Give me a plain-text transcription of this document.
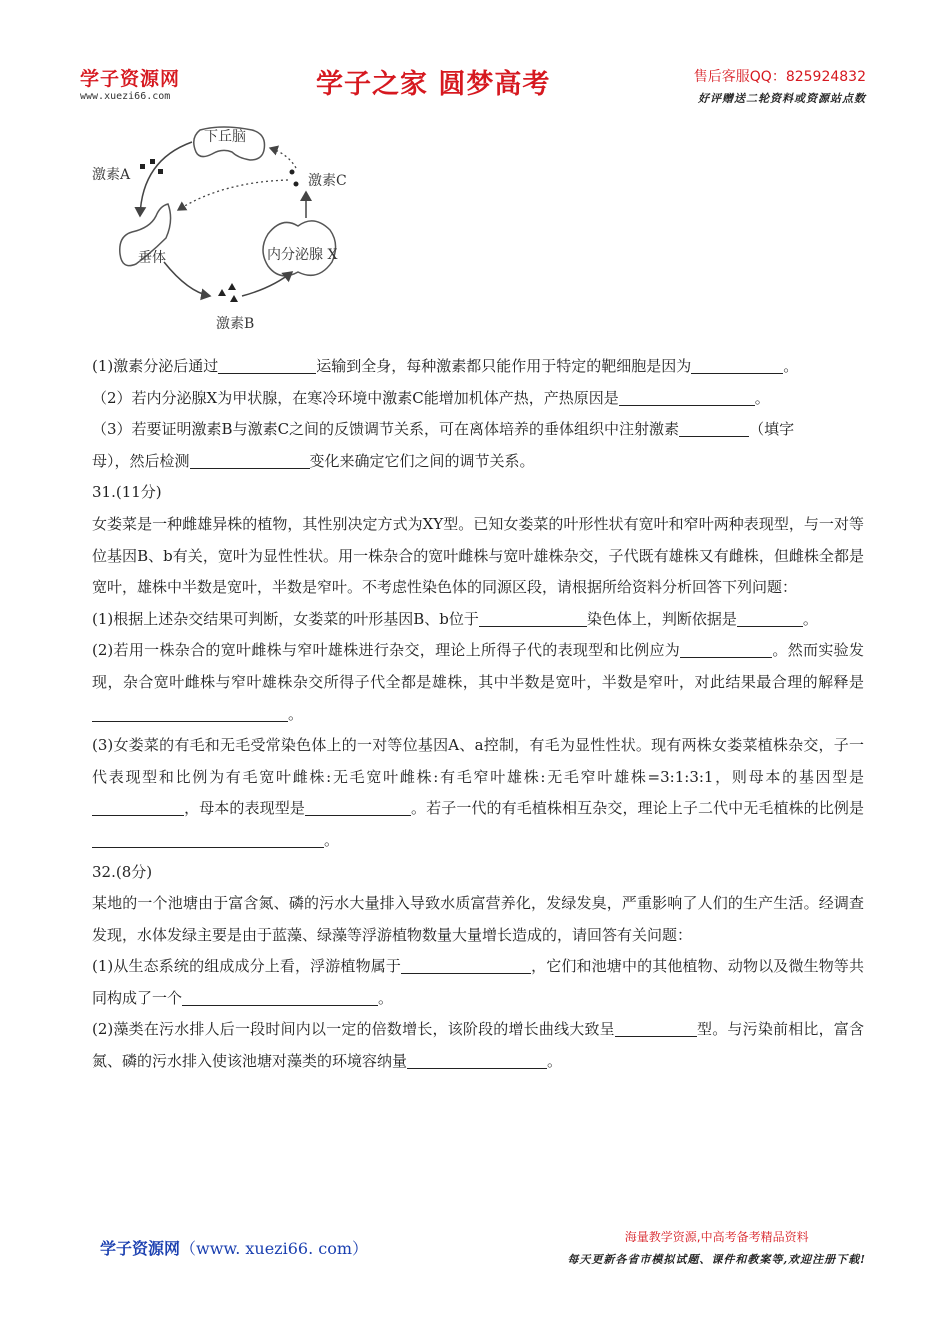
学子资源网
www.xuezi66.com	学子之家 圆梦高考	售后客服QQ：825924832
好评赠送二轮资料或资源站点数
下丘脑
激素A	激素C
垂体	内分泌腺 X
激素B

(1)激素分泌后通过	运输到全身，每种激素都只能作用于特定的靶细胞是因为	。

（2）若内分泌腺X为甲状腺，在寒冷环境中激素C能增加机体产热，产热原因是	。

（3）若要证明激素B与激素C之间的反馈调节关系，可在离体培养的垂体组织中注射激素	（填字
母），然后检测	变化来确定它们之间的调节关系。

31.(11分)

女娄菜是一种雌雄异株的植物，其性别决定方式为XY型。已知女娄菜的叶形性状有宽叶和窄叶两种表现型，与一对等位基因B、b有关，宽叶为显性性状。用一株杂合的宽叶雌株与宽叶雄株杂交，子代既有雄株又有雌株，但雌株全都是宽叶，雄株中半数是宽叶，半数是窄叶。不考虑性染色体的同源区段，请根据所给资料分析回答下列问题：

(1)根据上述杂交结果可判断，女娄菜的叶形基因B、b位于	染色体上，判断依据是	。

(2)若用一株杂合的宽叶雌株与窄叶雄株进行杂交，理论上所得子代的表现型和比例应为	。然而实验发现，杂合宽叶雌株与窄叶雄株杂交所得子代全都是雄株，其中半数是宽叶，半数是窄叶，对此结果最合理的解释是。

(3)女娄菜的有毛和无毛受常染色体上的一对等位基因A、a控制，有毛为显性性状。现有两株女娄菜植株杂交，子一代表现型和比例为有毛宽叶雌株:无毛宽叶雌株:有毛窄叶雄株:无毛窄叶雄株=3:1:3:1，则母本的基因型是，母本的表现型是	。若子一代的有毛植株相互杂交，理论上子二代中无毛植株的比例是。

32.(8分)

某地的一个池塘由于富含氮、磷的污水大量排入导致水质富营养化，发绿发臭，严重影响了人们的生产生活。经调查发现，水体发绿主要是由于蓝藻、绿藻等浮游植物数量大量增长造成的，请回答有关问题：

(1)从生态系统的组成成分上看，浮游植物属于	，它们和池塘中的其他植物、动物以及微生物等共同构成了一个	。

(2)藻类在污水排人后一段时间内以一定的倍数增长，该阶段的增长曲线大致呈	型。与污染前相比，富含氮、磷的污水排入使该池塘对藻类的环境容纳量	。

学子资源网（www. xuezi66. com）
海量教学资源,中高考备考精品资料
每天更新各省市模拟试题、课件和教案等,欢迎注册下载!
